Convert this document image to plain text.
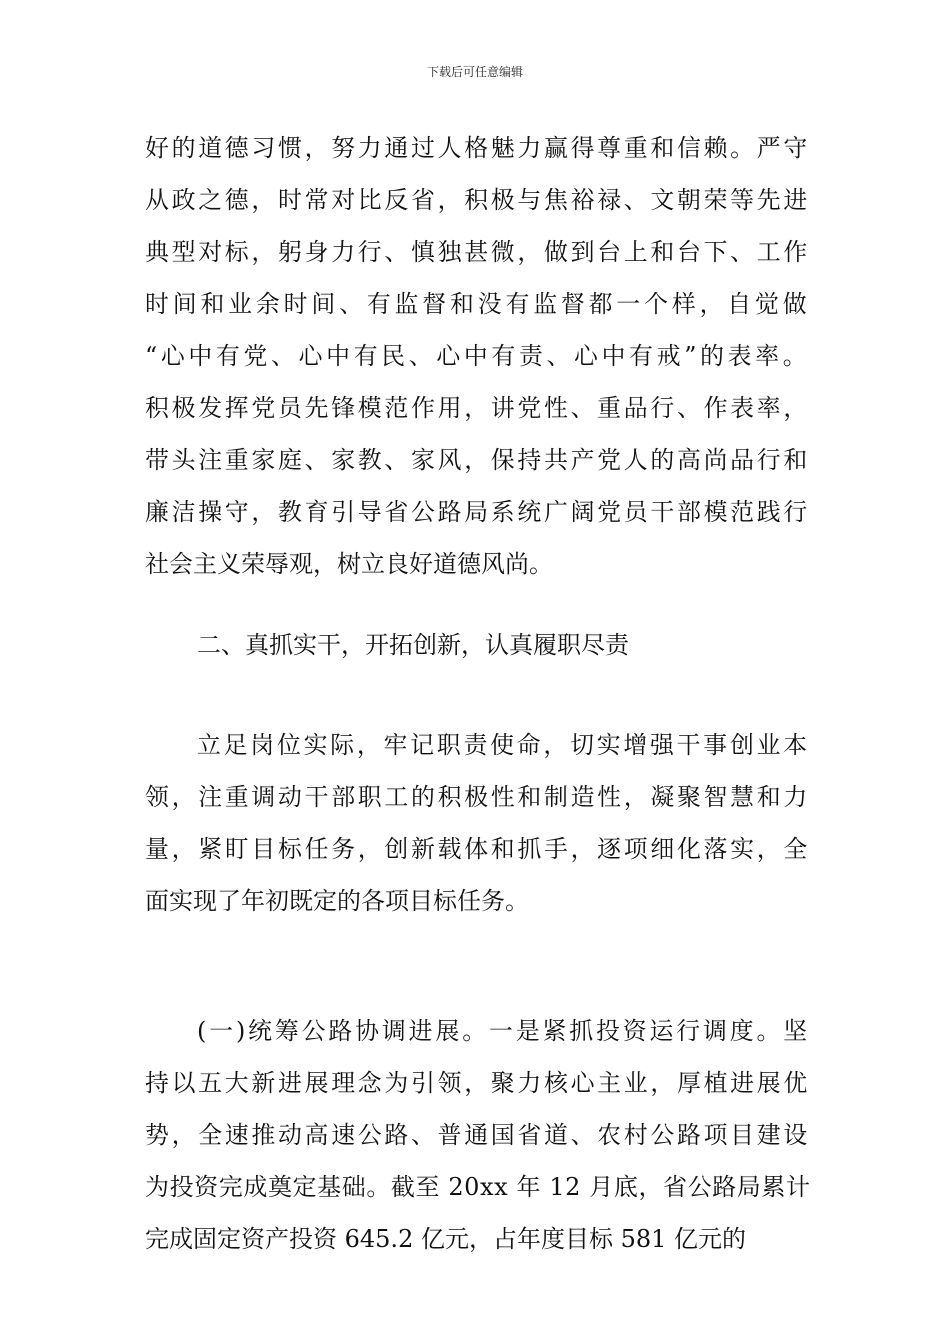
下载后可任意编辑
好的道德习惯，努力通过人格魅力赢得尊重和信赖。严守
从政之德，时常对比反省，积极与焦裕禄、文朝荣等先进
典型对标，躬身力行、慎独甚微，做到台上和台下、工作
时间和业余时间、有监督和没有监督都一个样，自觉做
“心中有党、心中有民、心中有责、心中有戒”的表率。
积极发挥党员先锋模范作用，讲党性、重品行、作表率，
带头注重家庭、家教、家风，保持共产党人的高尚品行和
廉洁操守，教育引导省公路局系统广阔党员干部模范践行
社会主义荣辱观，树立良好道德风尚。
二、真抓实干，开拓创新，认真履职尽责
立足岗位实际，牢记职责使命，切实增强干事创业本
领，注重调动干部职工的积极性和制造性，凝聚智慧和力
量，紧盯目标任务，创新载体和抓手，逐项细化落实，全
面实现了年初既定的各项目标任务。
(一)统筹公路协调进展。一是紧抓投资运行调度。坚
持以五大新进展理念为引领，聚力核心主业，厚植进展优
势，全速推动高速公路、普通国省道、农村公路项目建设
为投资完成奠定基础。截至 20xx 年 12 月底，省公路局累计
完成固定资产投资 645.2 亿元，占年度目标 581 亿元的
